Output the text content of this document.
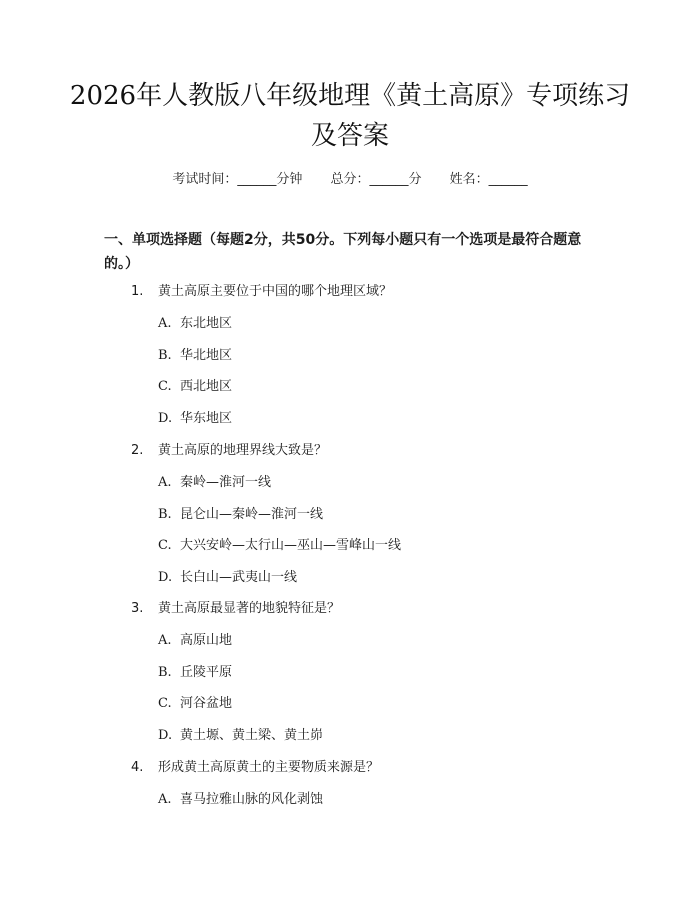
2026年人教版八年级地理《黄土高原》专项练习及答案
考试时间：______分钟 总分：______分 姓名：______

一、单项选择题（每题2分，共50分。下列每小题只有一个选项是最符合题意的。）

1. 黄土高原主要位于中国的哪个地理区域？
A. 东北地区
B. 华北地区
C. 西北地区
D. 华东地区
2. 黄土高原的地理界线大致是？
A. 秦岭—淮河一线
B. 昆仑山—秦岭—淮河一线
C. 大兴安岭—太行山—巫山—雪峰山一线
D. 长白山—武夷山一线
3. 黄土高原最显著的地貌特征是？
A. 高原山地
B. 丘陵平原
C. 河谷盆地
D. 黄土塬、黄土梁、黄土峁
4. 形成黄土高原黄土的主要物质来源是？
A. 喜马拉雅山脉的风化剥蚀
